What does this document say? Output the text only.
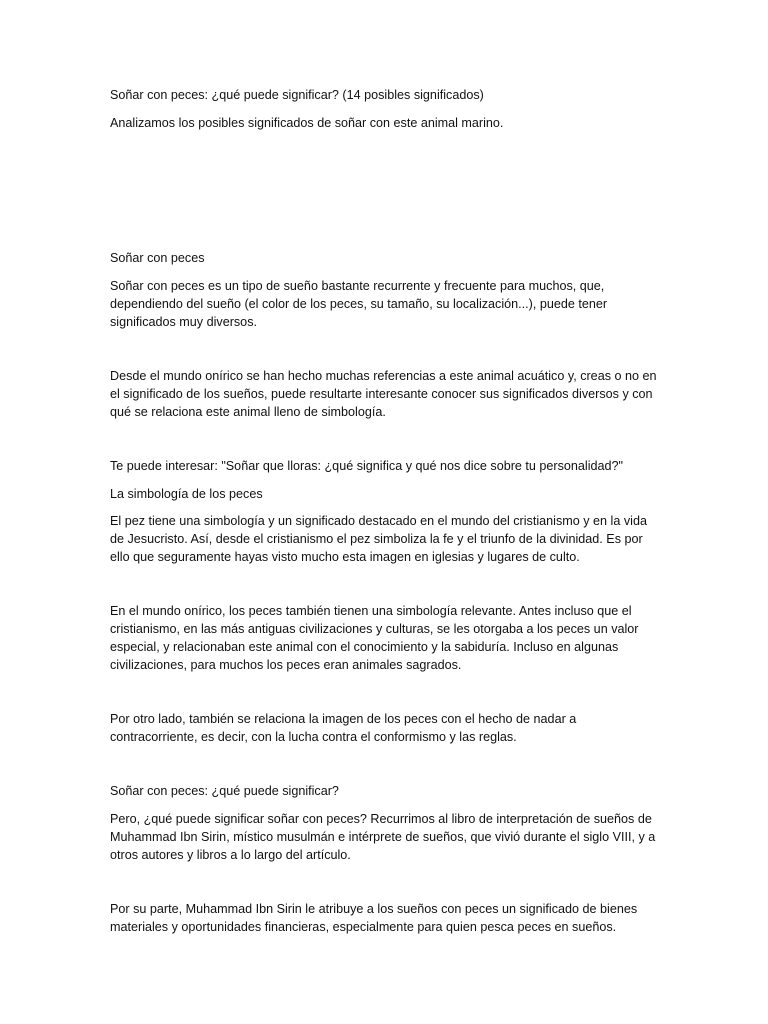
Soñar con peces: ¿qué puede significar? (14 posibles significados)

Analizamos los posibles significados de soñar con este animal marino.

Soñar con peces

Soñar con peces es un tipo de sueño bastante recurrente y frecuente para muchos, que, dependiendo del sueño (el color de los peces, su tamaño, su localización...), puede tener significados muy diversos.

Desde el mundo onírico se han hecho muchas referencias a este animal acuático y, creas o no en el significado de los sueños, puede resultarte interesante conocer sus significados diversos y con qué se relaciona este animal lleno de simbología.

Te puede interesar: "Soñar que lloras: ¿qué significa y qué nos dice sobre tu personalidad?"

La simbología de los peces

El pez tiene una simbología y un significado destacado en el mundo del cristianismo y en la vida de Jesucristo. Así, desde el cristianismo el pez simboliza la fe y el triunfo de la divinidad. Es por ello que seguramente hayas visto mucho esta imagen en iglesias y lugares de culto.

En el mundo onírico, los peces también tienen una simbología relevante. Antes incluso que el cristianismo, en las más antiguas civilizaciones y culturas, se les otorgaba a los peces un valor especial, y relacionaban este animal con el conocimiento y la sabiduría. Incluso en algunas civilizaciones, para muchos los peces eran animales sagrados.

Por otro lado, también se relaciona la imagen de los peces con el hecho de nadar a contracorriente, es decir, con la lucha contra el conformismo y las reglas.

Soñar con peces: ¿qué puede significar?

Pero, ¿qué puede significar soñar con peces? Recurrimos al libro de interpretación de sueños de Muhammad Ibn Sirin, místico musulmán e intérprete de sueños, que vivió durante el siglo VIII, y a otros autores y libros a lo largo del artículo.

Por su parte, Muhammad Ibn Sirin le atribuye a los sueños con peces un significado de bienes materiales y oportunidades financieras, especialmente para quien pesca peces en sueños.
